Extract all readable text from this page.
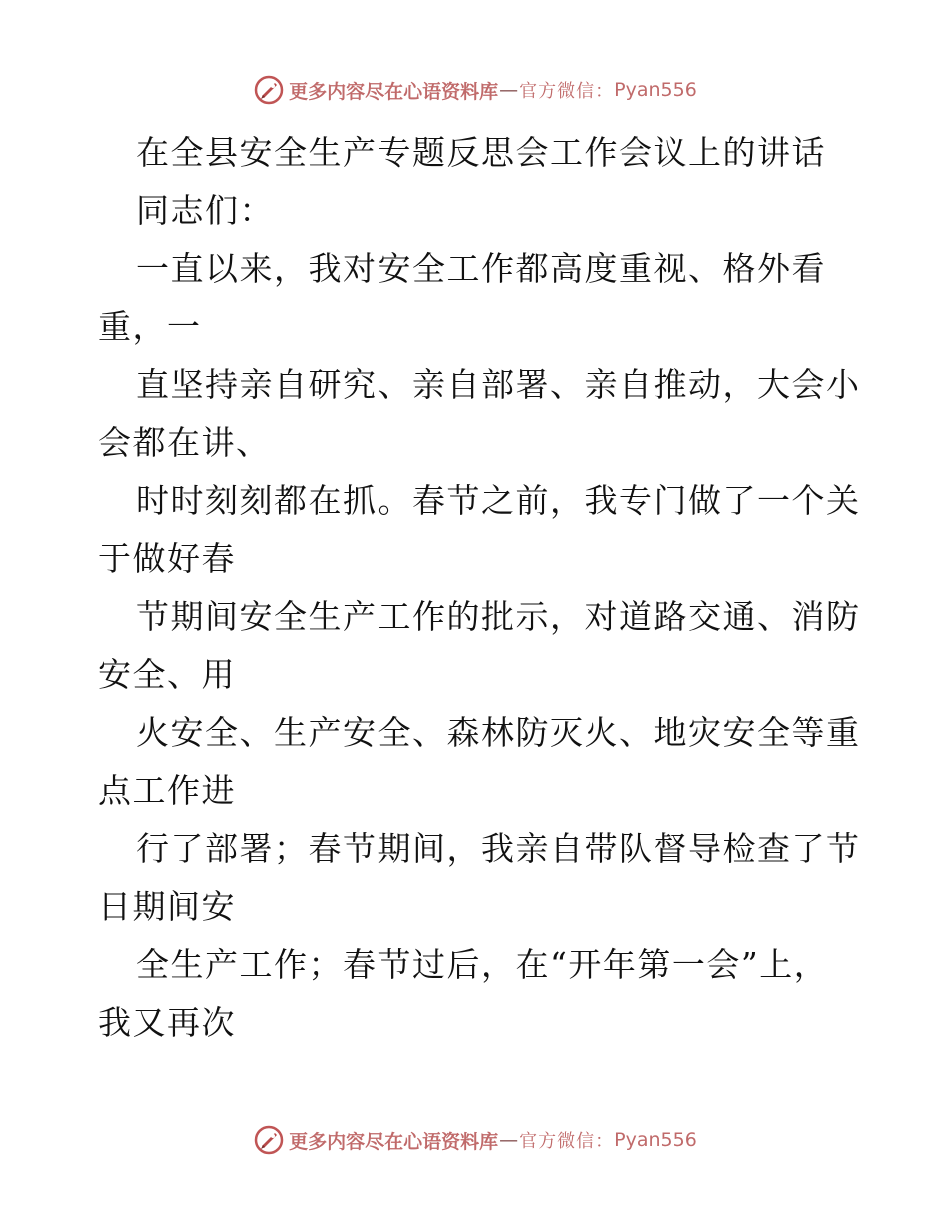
更多内容尽在心语资料库 — 官方微信： Pyan556
在全县安全生产专题反思会工作会议上的讲话
同志们：
一直以来，我对安全工作都高度重视、格外看
重，一
直坚持亲自研究、亲自部署、亲自推动，大会小
会都在讲、
时时刻刻都在抓。春节之前，我专门做了一个关
于做好春
节期间安全生产工作的批示，对道路交通、消防
安全、用
火安全、生产安全、森林防灭火、地灾安全等重
点工作进
行了部署；春节期间，我亲自带队督导检查了节
日期间安
全生产工作；春节过后，在“开年第一会”上，
我又再次
更多内容尽在心语资料库 — 官方微信： Pyan556
